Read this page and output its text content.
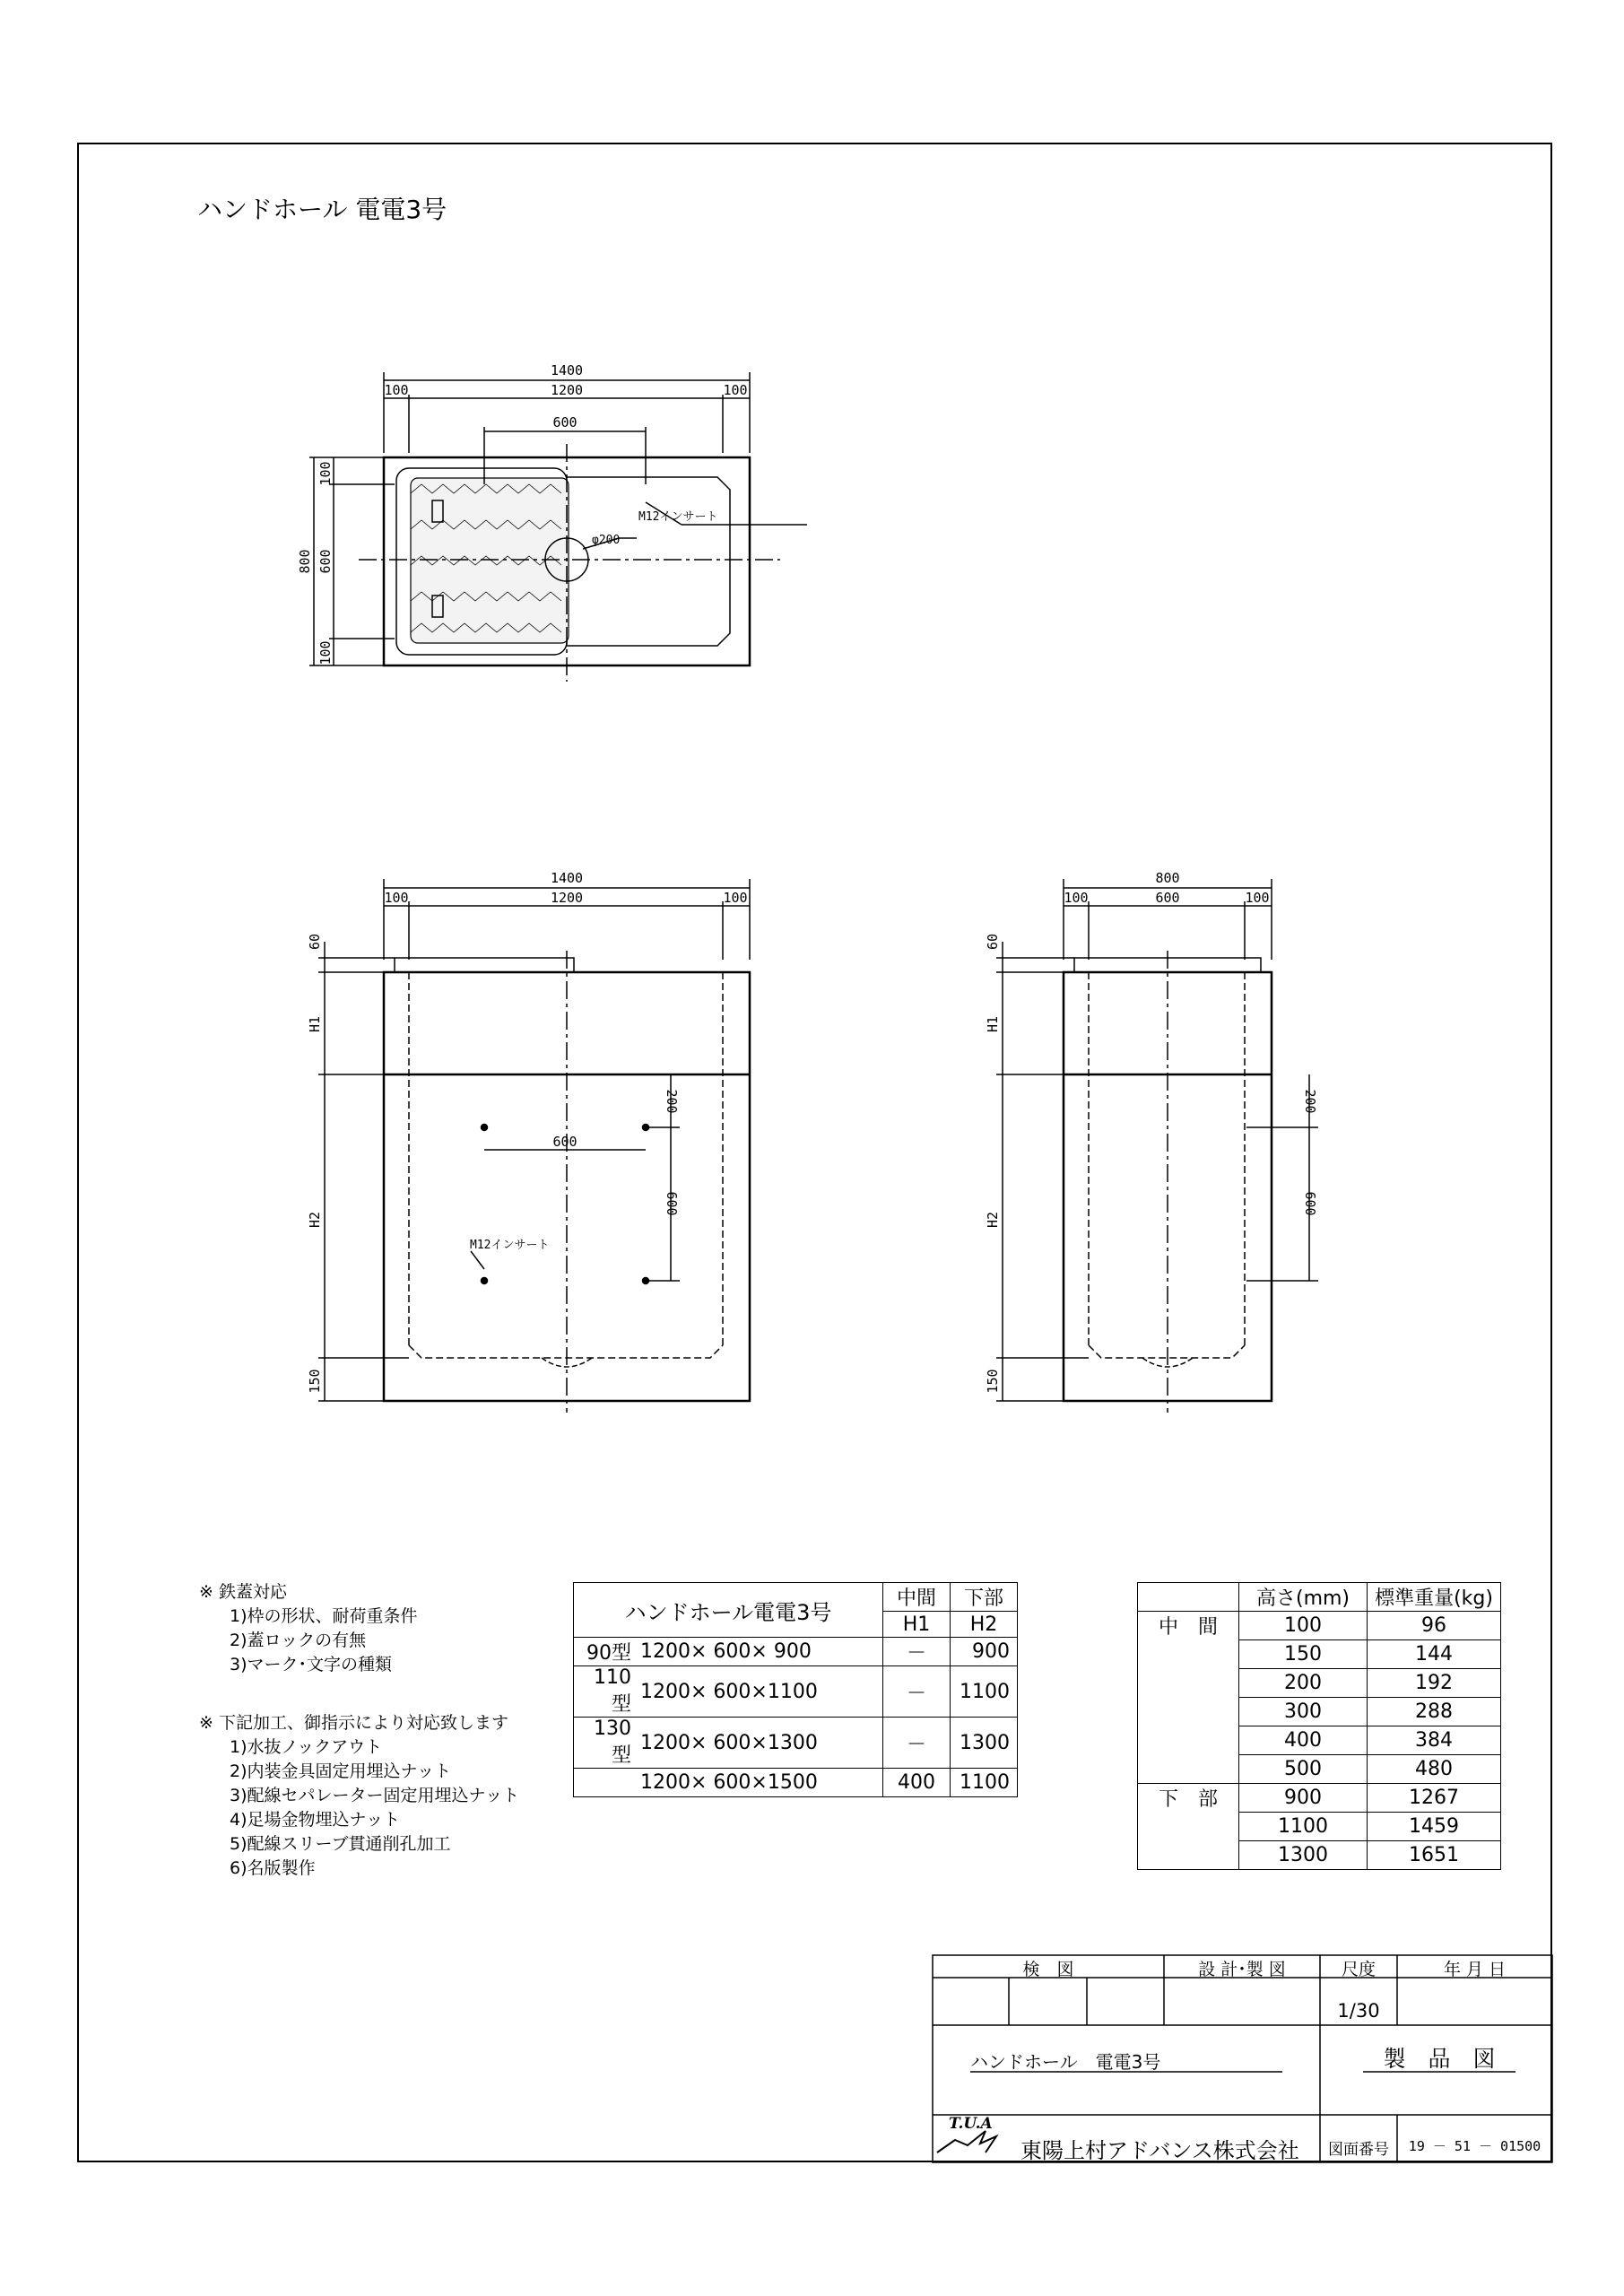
ハンドホール 電電3号
1400
100	1200	100
600
100
600
100
800
M12インサート
φ200
1400
100	1200	100
60
H1
H2
150
200
600
600
M12インサート
800
100	600	100
60
H1
H2
150
200
600
※ 鉄蓋対応
1)枠の形状、耐荷重条件
2)蓋ロックの有無
3)マーク･文字の種類
※ 下記加工、御指示により対応致します
1)水抜ノックアウト
2)内装金具固定用埋込ナット
3)配線セパレーター固定用埋込ナット
4)足場金物埋込ナット
5)配線スリーブ貫通削孔加工
6)名版製作
ハンドホール電電3号		中間	下部
		H1	H2
90型	1200× 600× 900	－	900
110型	1200× 600×1100	－	1100
130型	1200× 600×1300	－	1300
	1200× 600×1500	400	1100
	高さ(mm)	標準重量(kg)
中　間	100	96
	150	144
	200	192
	300	288
	400	384
	500	480
下　部	900	1267
	1100	1459
	1300	1651
検　図	設 計･製 図	尺度	年 月 日
1/30
ハンドホール　電電3号	製　品　図
T.U.A
東陽上村アドバンス株式会社	図面番号	19 － 51 － 01500
